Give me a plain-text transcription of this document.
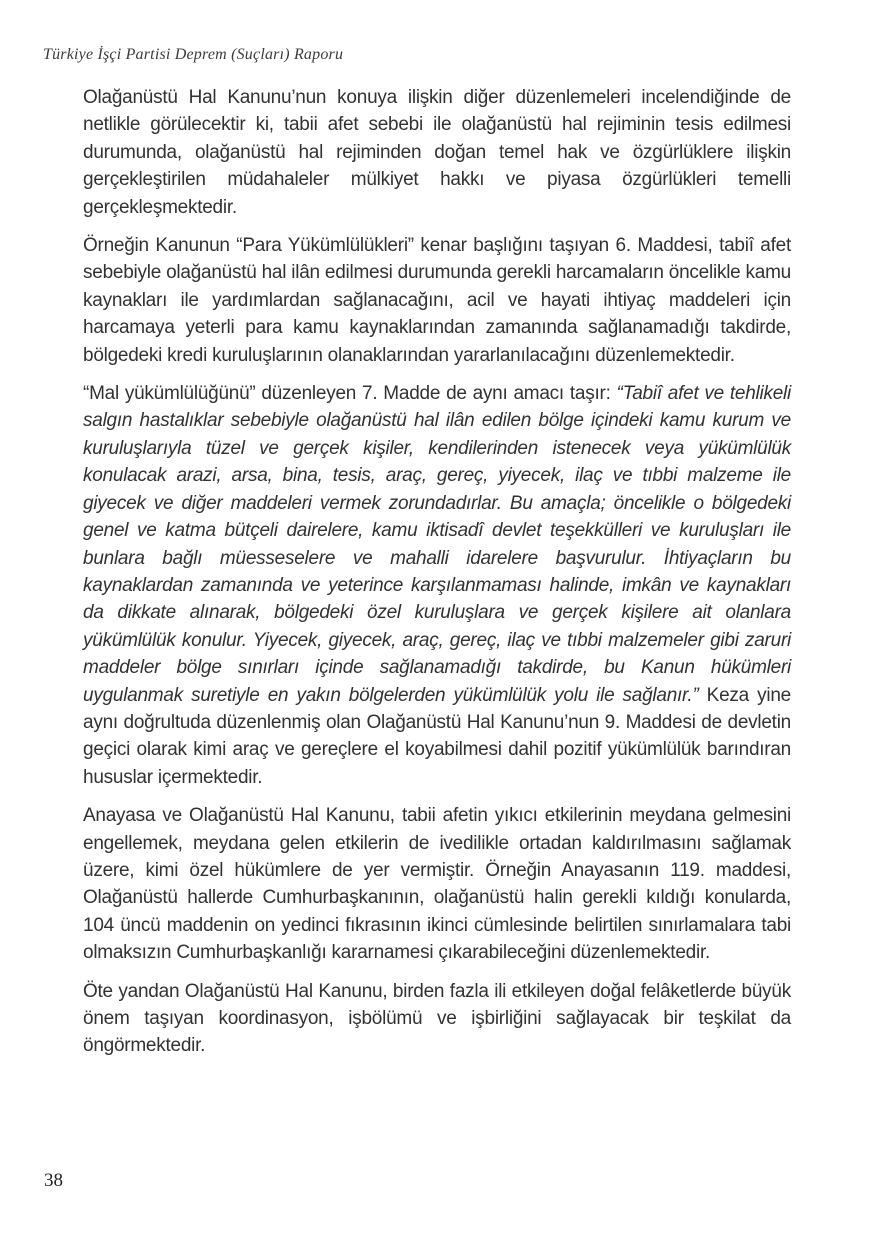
Türkiye İşçi Partisi Deprem (Suçları) Raporu

Olağanüstü Hal Kanunu’nun konuya ilişkin diğer düzenlemeleri incelendiğinde de netlikle görülecektir ki, tabii afet sebebi ile olağanüstü hal rejiminin tesis edilmesi durumunda, olağanüstü hal rejiminden doğan temel hak ve özgürlüklere ilişkin gerçekleştirilen müdahaleler mülkiyet hakkı ve piyasa özgürlükleri temelli gerçekleşmektedir.

Örneğin Kanunun “Para Yükümlülükleri” kenar başlığını taşıyan 6. Maddesi, tabiî afet sebebiyle olağanüstü hal ilân edilmesi durumunda gerekli harcamaların öncelikle kamu kaynakları ile yardımlardan sağlanacağını, acil ve hayati ihtiyaç maddeleri için harcamaya yeterli para kamu kaynaklarından zamanında sağlanamadığı takdirde, bölgedeki kredi kuruluşlarının olanaklarından yararlanılacağını düzenlemektedir.

“Mal yükümlülüğünü” düzenleyen 7. Madde de aynı amacı taşır: “Tabiî afet ve tehlikeli salgın hastalıklar sebebiyle olağanüstü hal ilân edilen bölge içindeki kamu kurum ve kuruluşlarıyla tüzel ve gerçek kişiler, kendilerinden istenecek veya yükümlülük konulacak arazi, arsa, bina, tesis, araç, gereç, yiyecek, ilaç ve tıbbi malzeme ile giyecek ve diğer maddeleri vermek zorundadırlar. Bu amaçla; öncelikle o bölgedeki genel ve katma bütçeli dairelere, kamu iktisadî devlet teşekkülleri ve kuruluşları ile bunlara bağlı müesseselere ve mahalli idarelere başvurulur. İhtiyaçların bu kaynaklardan zamanında ve yeterince karşılanmaması halinde, imkân ve kaynakları da dikkate alınarak, bölgedeki özel kuruluşlara ve gerçek kişilere ait olanlara yükümlülük konulur. Yiyecek, giyecek, araç, gereç, ilaç ve tıbbi malzemeler gibi zaruri maddeler bölge sınırları içinde sağlanamadığı takdirde, bu Kanun hükümleri uygulanmak suretiyle en yakın bölgelerden yükümlülük yolu ile sağlanır.” Keza yine aynı doğrultuda düzenlenmiş olan Olağanüstü Hal Kanunu’nun 9. Maddesi de devletin geçici olarak kimi araç ve gereçlere el koyabilmesi dahil pozitif yükümlülük barındıran hususlar içermektedir.

Anayasa ve Olağanüstü Hal Kanunu, tabii afetin yıkıcı etkilerinin meydana gelmesini engellemek, meydana gelen etkilerin de ivedilikle ortadan kaldırılmasını sağlamak üzere, kimi özel hükümlere de yer vermiştir. Örneğin Anayasanın 119. maddesi, Olağanüstü hallerde Cumhurbaşkanının, olağanüstü halin gerekli kıldığı konularda, 104 üncü maddenin on yedinci fıkrasının ikinci cümlesinde belirtilen sınırlamalara tabi olmaksızın Cumhurbaşkanlığı kararnamesi çıkarabileceğini düzenlemektedir.

Öte yandan Olağanüstü Hal Kanunu, birden fazla ili etkileyen doğal felâketlerde büyük önem taşıyan koordinasyon, işbölümü ve işbirliğini sağlayacak bir teşkilat da öngörmektedir.

38
